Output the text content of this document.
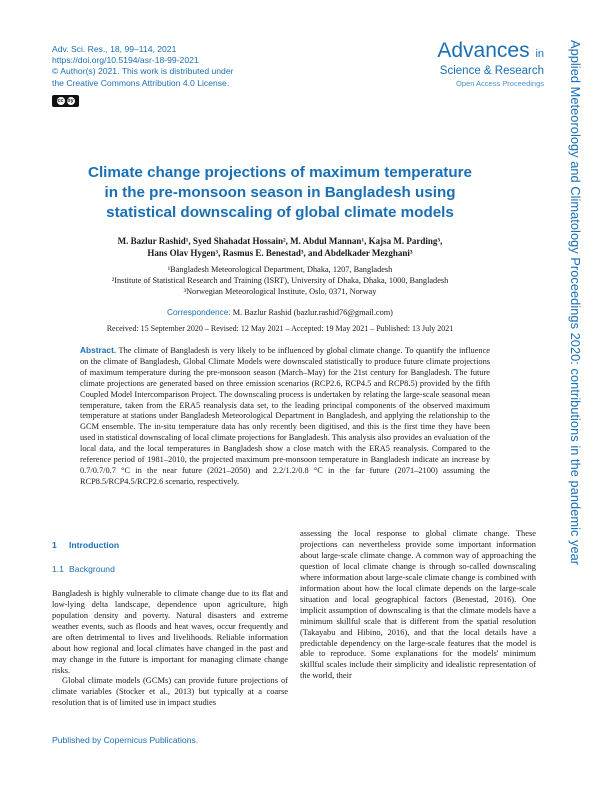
Adv. Sci. Res., 18, 99–114, 2021
https://doi.org/10.5194/asr-18-99-2021
© Author(s) 2021. This work is distributed under
the Creative Commons Attribution 4.0 License.
cc by
Advances in
Science & Research
Open Access Proceedings Applied Meteorology and Climatology Proceedings 2020: contributions in the pandemic year
Climate change projections of maximum temperature
in the pre-monsoon season in Bangladesh using
statistical downscaling of global climate models
M. Bazlur Rashid¹, Syed Shahadat Hossain², M. Abdul Mannan¹, Kajsa M. Parding³,
Hans Olav Hygen³, Rasmus E. Benestad³, and Abdelkader Mezghani³
¹Bangladesh Meteorological Department, Dhaka, 1207, Bangladesh
²Institute of Statistical Research and Training (ISRT), University of Dhaka, Dhaka, 1000, Bangladesh
³Norwegian Meteorological Institute, Oslo, 0371, Norway
Correspondence: M. Bazlur Rashid (bazlur.rashid76@gmail.com)
Received: 15 September 2020 – Revised: 12 May 2021 – Accepted: 19 May 2021 – Published: 13 July 2021
Abstract. The climate of Bangladesh is very likely to be influenced by global climate change. To quantify the influence on the climate of Bangladesh, Global Climate Models were downscaled statistically to produce future climate projections of maximum temperature during the pre-monsoon season (March–May) for the 21st century for Bangladesh. The future climate projections are generated based on three emission scenarios (RCP2.6, RCP4.5 and RCP8.5) provided by the fifth Coupled Model Intercomparison Project. The downscaling process is undertaken by relating the large-scale seasonal mean temperature, taken from the ERA5 reanalysis data set, to the leading principal components of the observed maximum temperature at stations under Bangladesh Meteorological Department in Bangladesh, and applying the relationship to the GCM ensemble. The in-situ temperature data has only recently been digitised, and this is the first time they have been used in statistical downscaling of local climate projections for Bangladesh. This analysis also provides an evaluation of the local data, and the local temperatures in Bangladesh show a close match with the ERA5 reanalysis. Compared to the reference period of 1981–2010, the projected maximum pre-monsoon temperature in Bangladesh indicate an increase by 0.7/0.7/0.7 °C in the near future (2021–2050) and 2.2/1.2/0.8 °C in the far future (2071–2100) assuming the RCP8.5/RCP4.5/RCP2.6 scenario, respectively.
1 Introduction
1.1 Background
Bangladesh is highly vulnerable to climate change due to its flat and low-lying delta landscape, dependence upon agriculture, high population density and poverty. Natural disasters and extreme weather events, such as floods and heat waves, occur frequently and are often detrimental to lives and livelihoods. Reliable information about how regional and local climates have changed in the past and may change in the future is important for managing climate change risks.
Global climate models (GCMs) can provide future projections of climate variables (Stocker et al., 2013) but typically at a coarse resolution that is of limited use in impact studies
assessing the local response to global climate change. These projections can nevertheless provide some important information about large-scale climate change. A common way of approaching the question of local climate change is through so-called downscaling where information about large-scale climate change is combined with information about how the local climate depends on the large-scale situation and local geographical factors (Benestad, 2016). One implicit assumption of downscaling is that the climate models have a minimum skillful scale that is different from the spatial resolution (Takayabu and Hibino, 2016), and that the local details have a predictable dependency on the large-scale features that the model is able to reproduce. Some explanations for the models' minimum skillful scales include their simplicity and idealistic representation of the world, their
Published by Copernicus Publications.
